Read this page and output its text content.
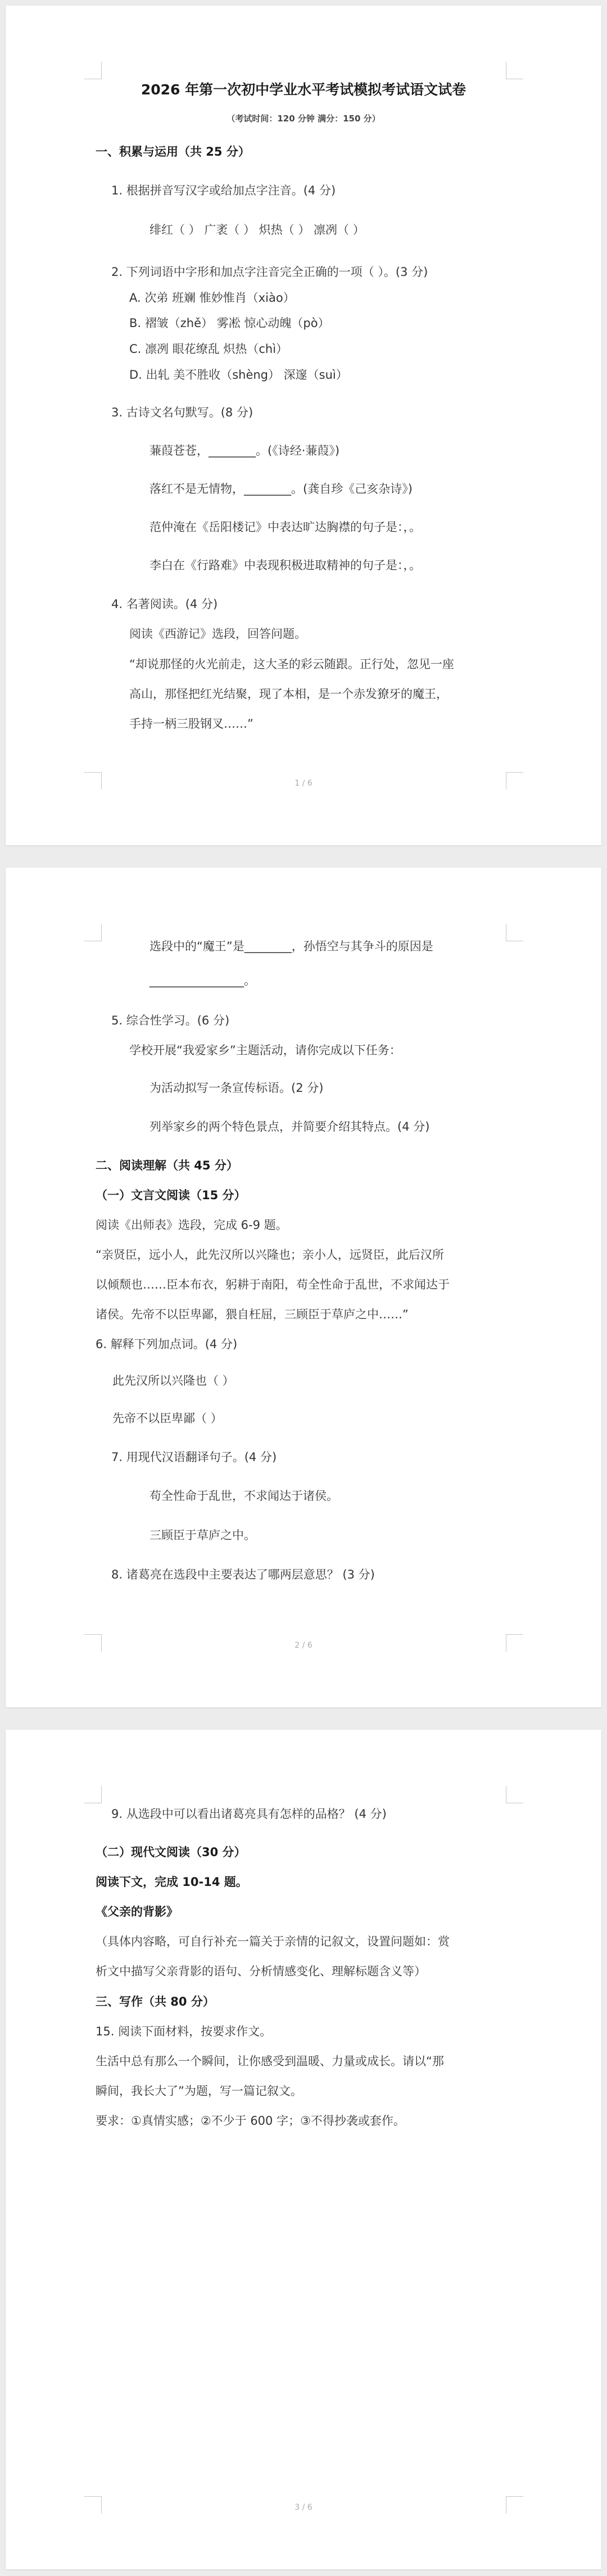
2026 年第一次初中学业水平考试模拟考试语文试卷
（考试时间：120 分钟 满分：150 分）
一、积累与运用（共 25 分）
1. 根据拼音写汉字或给加点字注音。(4 分)
绯红（ ） 广袤（ ） 炽热（ ） 凛冽（ ）
2. 下列词语中字形和加点字注音完全正确的一项（ ）。(3 分)
A. 次弟 班斓 惟妙惟肖（xiào）
B. 褶皱（zhě） 雾凇 惊心动魄（pò）
C. 凛冽 眼花缭乱 炽热（chì）
D. 出轧 美不胜收（shèng） 深邃（suì）
3. 古诗文名句默写。(8 分)
蒹葭苍苍，________。(《诗经·蒹葭》)
落红不是无情物，________。(龚自珍《己亥杂诗》)
范仲淹在《岳阳楼记》中表达旷达胸襟的句子是：，。
李白在《行路难》中表现积极进取精神的句子是：，。
4. 名著阅读。(4 分)
阅读《西游记》选段，回答问题。
“却说那怪的火光前走，这大圣的彩云随跟。正行处，忽见一座
高山，那怪把红光结聚，现了本相，是一个赤发獠牙的魔王，
手持一柄三股钢叉……”
1 / 6
选段中的“魔王”是________，孙悟空与其争斗的原因是
________________。
5. 综合性学习。(6 分)
学校开展“我爱家乡”主题活动，请你完成以下任务：
为活动拟写一条宣传标语。(2 分)
列举家乡的两个特色景点，并简要介绍其特点。(4 分)
二、阅读理解（共 45 分）
（一）文言文阅读（15 分）
阅读《出师表》选段，完成 6-9 题。
“亲贤臣，远小人，此先汉所以兴隆也；亲小人，远贤臣，此后汉所
以倾颓也……臣本布衣，躬耕于南阳，苟全性命于乱世，不求闻达于
诸侯。先帝不以臣卑鄙，猥自枉屈，三顾臣于草庐之中……”
6. 解释下列加点词。(4 分)
此先汉所以兴隆也（ ）
先帝不以臣卑鄙（ ）
7. 用现代汉语翻译句子。(4 分)
苟全性命于乱世，不求闻达于诸侯。
三顾臣于草庐之中。
8. 诸葛亮在选段中主要表达了哪两层意思？ (3 分)
2 / 6
9. 从选段中可以看出诸葛亮具有怎样的品格？ (4 分)
（二）现代文阅读（30 分）
阅读下文，完成 10-14 题。
《父亲的背影》
（具体内容略，可自行补充一篇关于亲情的记叙文，设置问题如：赏
析文中描写父亲背影的语句、分析情感变化、理解标题含义等）
三、写作（共 80 分）
15. 阅读下面材料，按要求作文。
生活中总有那么一个瞬间，让你感受到温暖、力量或成长。请以“那
瞬间，我长大了”为题，写一篇记叙文。
要求：①真情实感；②不少于 600 字；③不得抄袭或套作。
3 / 6
